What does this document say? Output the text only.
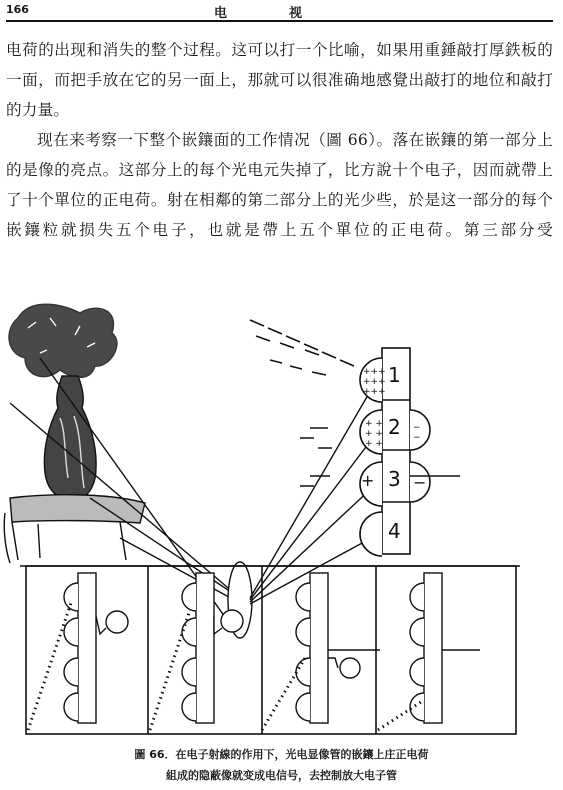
166	电视

电荷的出现和消失的整个过程。这可以打一个比喻，如果用重錘敲打厚鉄板的一面，而把手放在它的另一面上，那就可以很准确地感覺出敲打的地位和敲打的力量。

现在来考察一下整个嵌鑲面的工作情况（圖 66）。落在嵌鑲的第一部分上的是像的亮点。这部分上的每个光电元失掉了，比方說十个电子，因而就帶上了十个單位的正电荷。射在相鄰的第二部分上的光少些，於是这一部分的每个嵌鑲粒就损失五个电子，也就是帶上五个單位的正电荷。第三部分受

1
2
3
4
+ −
+++
+++
+++
+ +
+ +
+ +
−
−
圖 66．在电子射線的作用下，光电显像管的嵌鑲上庄正电荷
組成的隐蔽像就变成电信号，去控制放大电子管
